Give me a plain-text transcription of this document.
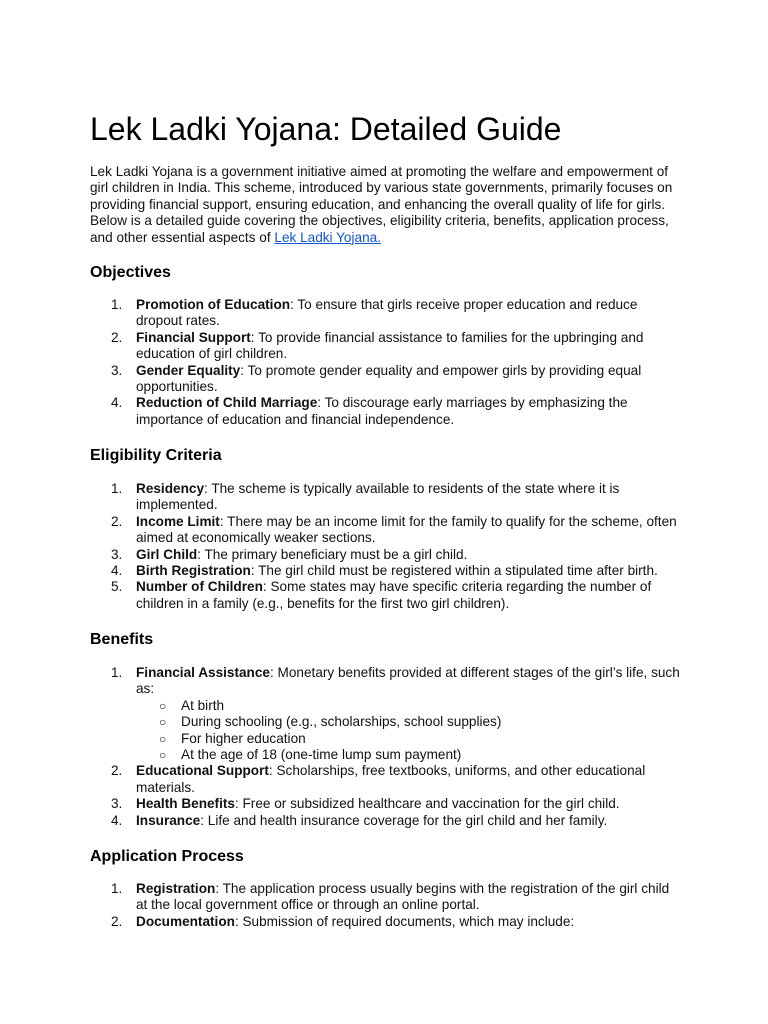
Lek Ladki Yojana: Detailed Guide

Lek Ladki Yojana is a government initiative aimed at promoting the welfare and empowerment of girl children in India. This scheme, introduced by various state governments, primarily focuses on providing financial support, ensuring education, and enhancing the overall quality of life for girls. Below is a detailed guide covering the objectives, eligibility criteria, benefits, application process, and other essential aspects of Lek Ladki Yojana.

Objectives
1. Promotion of Education: To ensure that girls receive proper education and reduce dropout rates.
2. Financial Support: To provide financial assistance to families for the upbringing and education of girl children.
3. Gender Equality: To promote gender equality and empower girls by providing equal opportunities.
4. Reduction of Child Marriage: To discourage early marriages by emphasizing the importance of education and financial independence.
Eligibility Criteria
1. Residency: The scheme is typically available to residents of the state where it is implemented.
2. Income Limit: There may be an income limit for the family to qualify for the scheme, often aimed at economically weaker sections.
3. Girl Child: The primary beneficiary must be a girl child.
4. Birth Registration: The girl child must be registered within a stipulated time after birth.
5. Number of Children: Some states may have specific criteria regarding the number of children in a family (e.g., benefits for the first two girl children).
Benefits
1. Financial Assistance: Monetary benefits provided at different stages of the girl’s life, such as:
○ At birth
○ During schooling (e.g., scholarships, school supplies)
○ For higher education
○ At the age of 18 (one-time lump sum payment)
2. Educational Support: Scholarships, free textbooks, uniforms, and other educational materials.
3. Health Benefits: Free or subsidized healthcare and vaccination for the girl child.
4. Insurance: Life and health insurance coverage for the girl child and her family.
Application Process
1. Registration: The application process usually begins with the registration of the girl child at the local government office or through an online portal.
2. Documentation: Submission of required documents, which may include:
